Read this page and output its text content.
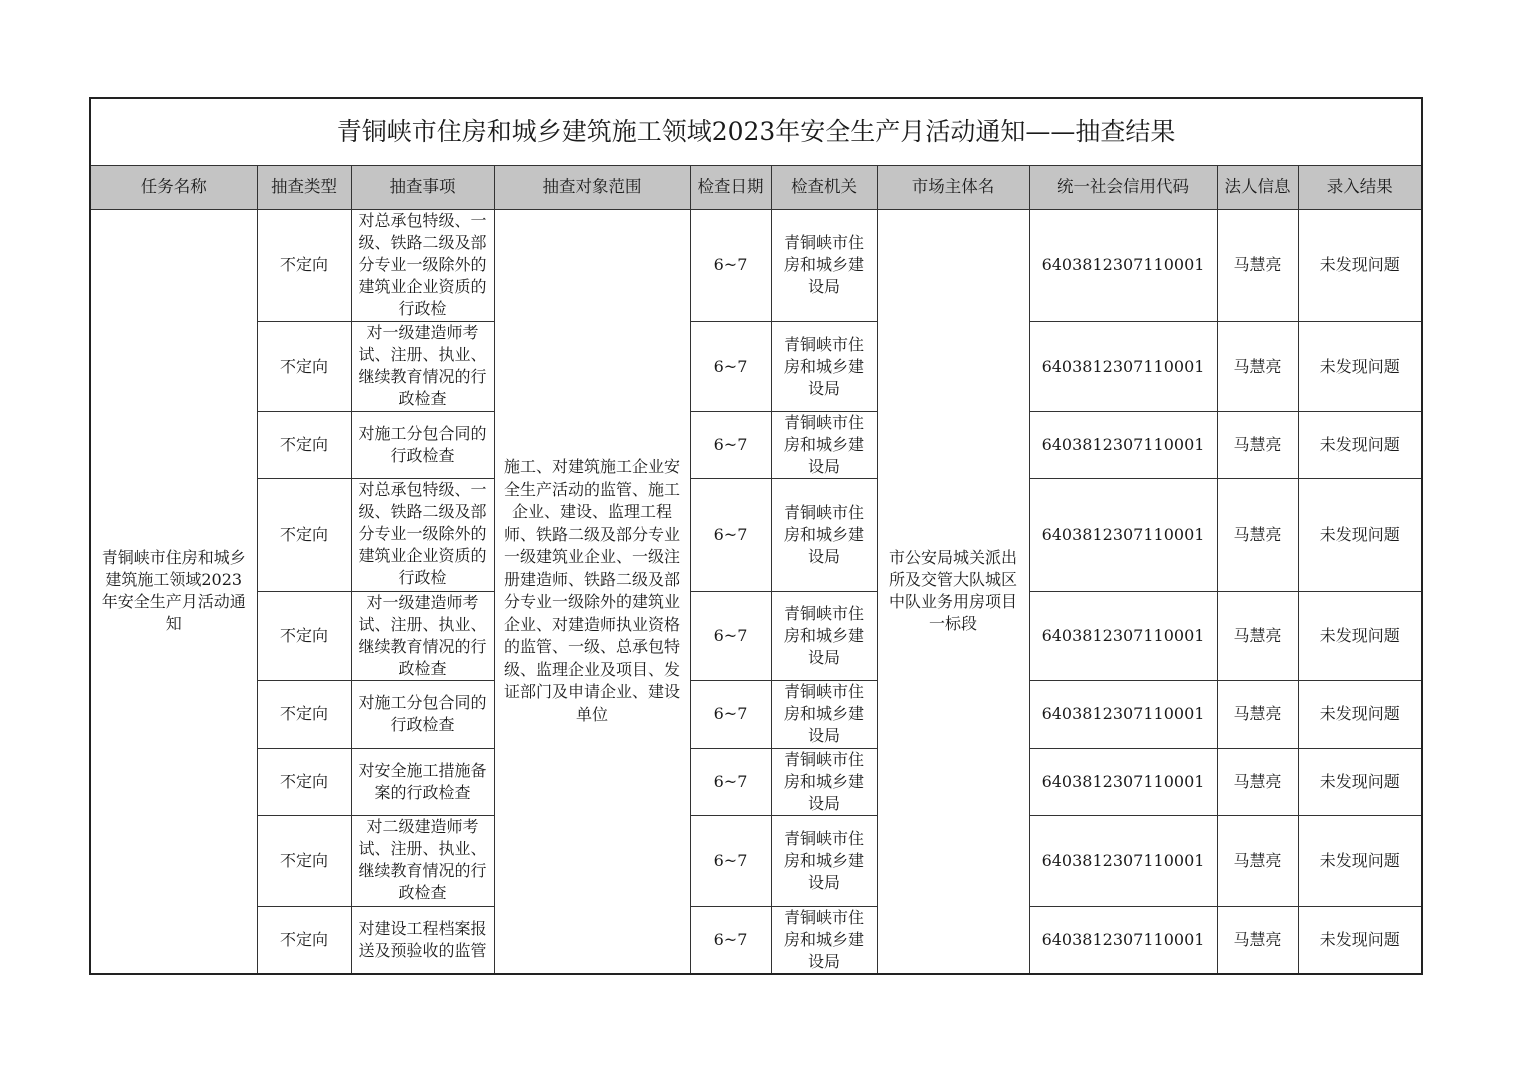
青铜峡市住房和城乡建筑施工领域2023年安全生产月活动通知——抽查结果									
任务名称	抽查类型	抽查事项	抽查对象范围	检查日期	检查机关	市场主体名	统一社会信用代码	法人信息	录入结果
青铜峡市住房和城乡建筑施工领域2023年安全生产月活动通知	不定向	对总承包特级、一级、铁路二级及部分专业一级除外的建筑业企业资质的行政检	施工、对建筑施工企业安全生产活动的监管、施工企业、建设、监理工程师、铁路二级及部分专业一级建筑业企业、一级注册建造师、铁路二级及部分专业一级除外的建筑业企业、对建造师执业资格的监管、一级、总承包特级、监理企业及项目、发证部门及申请企业、建设单位	6~7	青铜峡市住房和城乡建设局	市公安局城关派出所及交管大队城区中队业务用房项目一标段	6403812307110001	马慧亮	未发现问题
	不定向	对一级建造师考试、注册、执业、继续教育情况的行政检查		6~7	青铜峡市住房和城乡建设局		6403812307110001	马慧亮	未发现问题
	不定向	对施工分包合同的行政检查		6~7	青铜峡市住房和城乡建设局		6403812307110001	马慧亮	未发现问题
	不定向	对总承包特级、一级、铁路二级及部分专业一级除外的建筑业企业资质的行政检		6~7	青铜峡市住房和城乡建设局		6403812307110001	马慧亮	未发现问题
	不定向	对一级建造师考试、注册、执业、继续教育情况的行政检查		6~7	青铜峡市住房和城乡建设局		6403812307110001	马慧亮	未发现问题
	不定向	对施工分包合同的行政检查		6~7	青铜峡市住房和城乡建设局		6403812307110001	马慧亮	未发现问题
	不定向	对安全施工措施备案的行政检查		6~7	青铜峡市住房和城乡建设局		6403812307110001	马慧亮	未发现问题
	不定向	对二级建造师考试、注册、执业、继续教育情况的行政检查		6~7	青铜峡市住房和城乡建设局		6403812307110001	马慧亮	未发现问题
	不定向	对建设工程档案报送及预验收的监管		6~7	青铜峡市住房和城乡建设局		6403812307110001	马慧亮	未发现问题
